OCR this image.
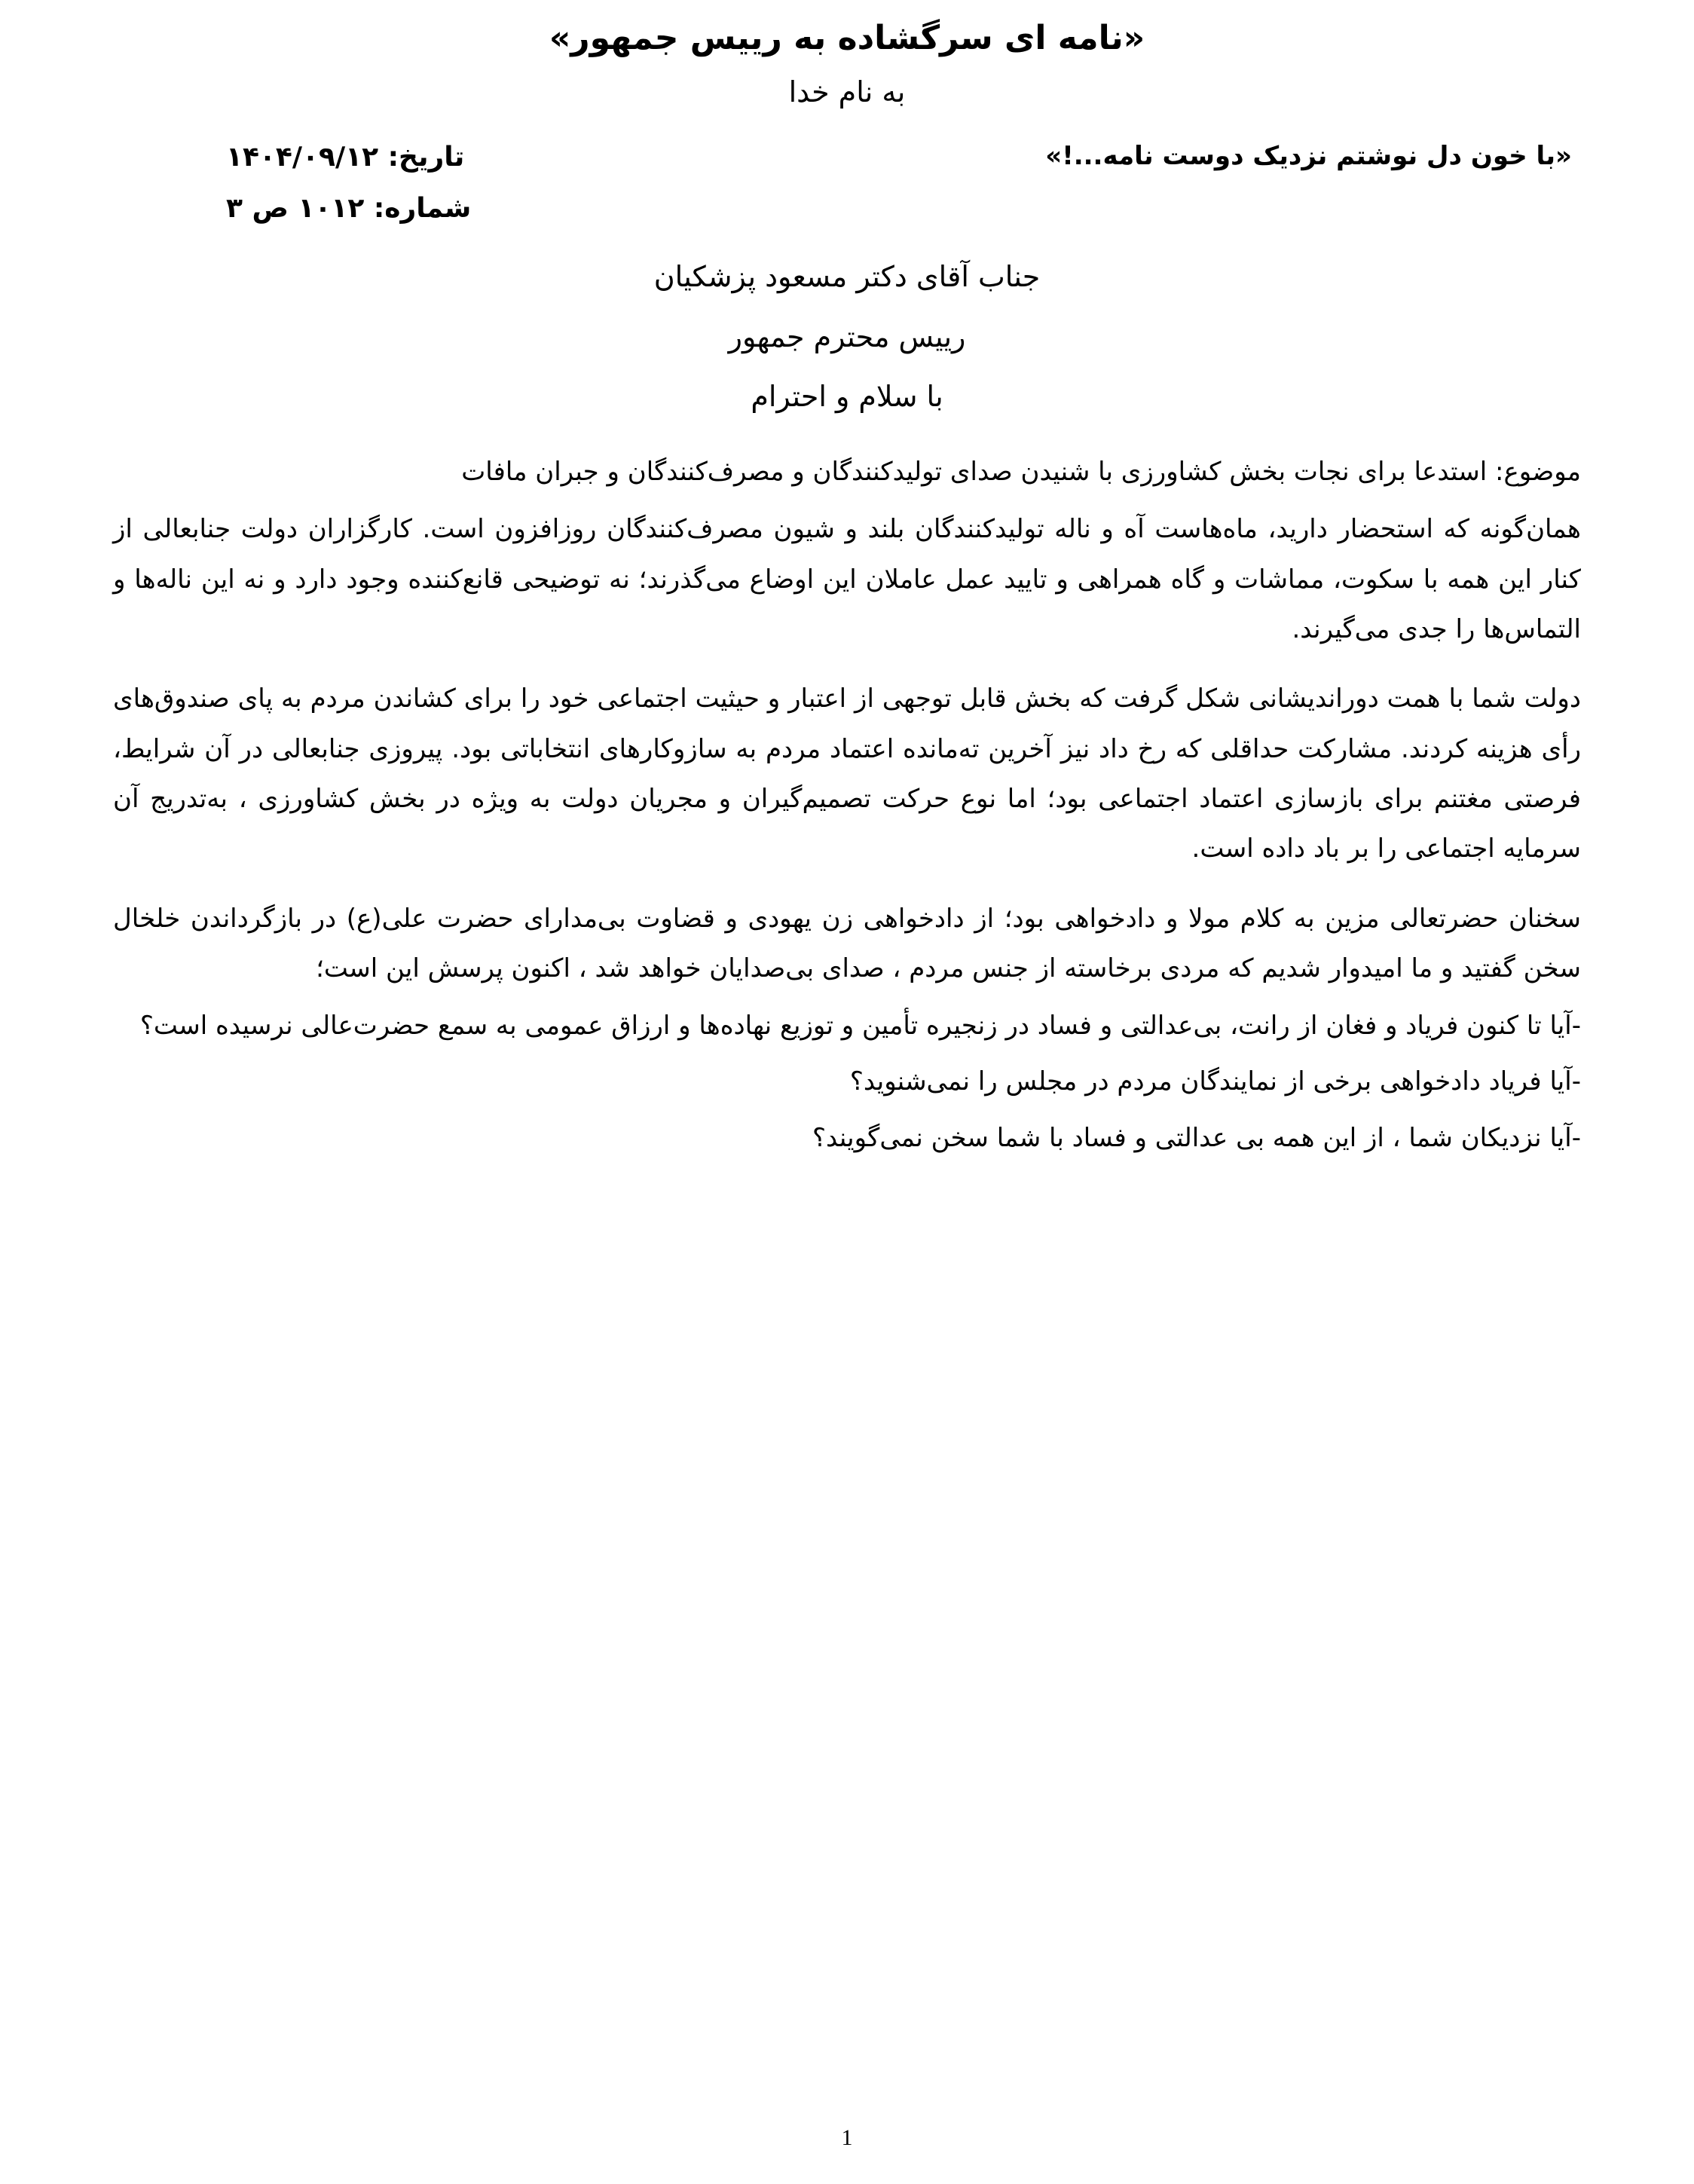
«نامه ای سرگشاده به رییس جمهور»
به نام خدا
«با خون دل نوشتم نزدیک دوست نامه...!»
تاریخ: ۱۴۰۴/۰۹/۱۲
شماره: ۱۰۱۲ ص ۳
جناب آقای دکتر مسعود پزشکیان
رییس محترم جمهور
با سلام و احترام

موضوع: استدعا برای نجات بخش کشاورزی با شنیدن صدای تولیدکنندگان و مصرف‌کنندگان و جبران مافات

همان‌گونه که استحضار دارید، ماه‌هاست آه و ناله تولیدکنندگان بلند و شیون مصرف‌کنندگان روزافزون است. کارگزاران دولت جنابعالی از کنار این همه با سکوت، مماشات و گاه همراهی و تایید عمل عاملان این اوضاع می‌گذرند؛ نه توضیحی قانع‌کننده وجود دارد و نه این ناله‌ها و التماس‌ها را جدی می‌گیرند.

دولت شما با همت دوراندیشانی شکل گرفت که بخش قابل توجهی از اعتبار و حیثیت اجتماعی خود را برای کشاندن مردم به پای صندوق‌های رأی هزینه کردند. مشارکت حداقلی که رخ داد نیز آخرین ته‌مانده اعتماد مردم به سازوکارهای انتخاباتی بود. پیروزی جنابعالی در آن شرایط، فرصتی مغتنم برای بازسازی اعتماد اجتماعی بود؛ اما نوع حرکت تصمیم‌گیران و مجریان دولت به ویژه در بخش کشاورزی ، به‌تدریج آن سرمایه اجتماعی را بر باد داده است.

سخنان حضرتعالی مزین به کلام مولا و دادخواهی بود؛ از دادخواهی زن یهودی و قضاوت بی‌مدارای حضرت علی(ع) در بازگرداندن خلخال سخن گفتید و ما امیدوار شدیم که مردی برخاسته از جنس مردم ، صدای بی‌صدایان خواهد شد ، اکنون پرسش این است؛

-آیا تا کنون فریاد و فغان از رانت، بی‌عدالتی و فساد در زنجیره تأمین و توزیع نهاده‌ها و ارزاق عمومی به سمع حضرت‌عالی نرسیده است؟

-آیا فریاد دادخواهی برخی از نمایندگان مردم در مجلس را نمی‌شنوید؟

-آیا نزدیکان شما ، از این همه بی عدالتی و فساد با شما سخن نمی‌گویند؟

1
